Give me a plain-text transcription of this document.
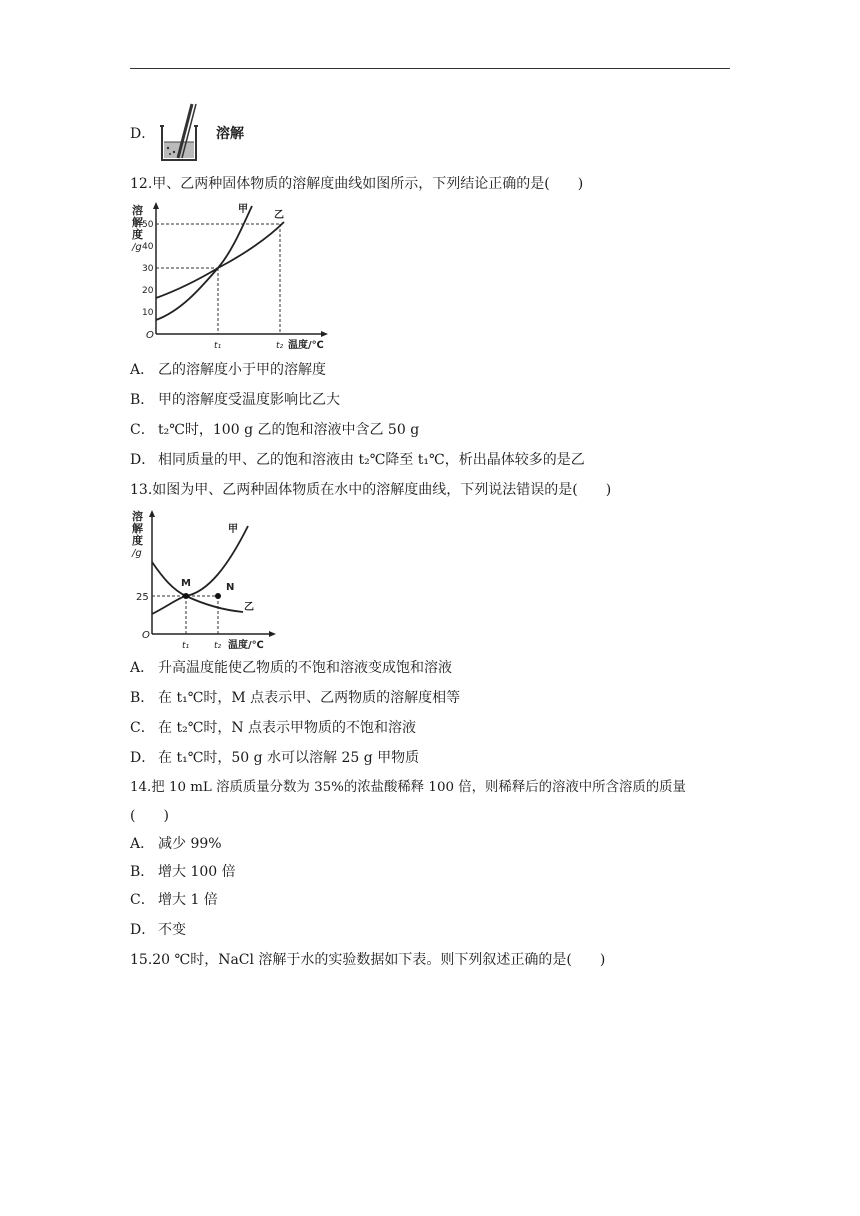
D．	溶解
12.甲、乙两种固体物质的溶解度曲线如图所示，下列结论正确的是(　　)
溶
解
度
/g
O
10
20
30
40
50
甲
乙
t₁	t₂ 温度/℃
A． 乙的溶解度小于甲的溶解度
B． 甲的溶解度受温度影响比乙大
C． t₂℃时，100 g 乙的饱和溶液中含乙 50 g
D． 相同质量的甲、乙的饱和溶液由 t₂℃降至 t₁℃，析出晶体较多的是乙
13.如图为甲、乙两种固体物质在水中的溶解度曲线，下列说法错误的是(　　)
溶
解
度
/g
O
25
M	N
甲
乙
t₁	t₂ 温度/℃
A． 升高温度能使乙物质的不饱和溶液变成饱和溶液
B． 在 t₁℃时，M 点表示甲、乙两物质的溶解度相等
C． 在 t₂℃时，N 点表示甲物质的不饱和溶液
D． 在 t₁℃时，50 g 水可以溶解 25 g 甲物质
14.把 10 mL 溶质质量分数为 35%的浓盐酸稀释 100 倍，则稀释后的溶液中所含溶质的质量
(　　)
A． 减少 99%
B． 增大 100 倍
C． 增大 1 倍
D． 不变
15.20 ℃时，NaCl 溶解于水的实验数据如下表。则下列叙述正确的是(　　)
